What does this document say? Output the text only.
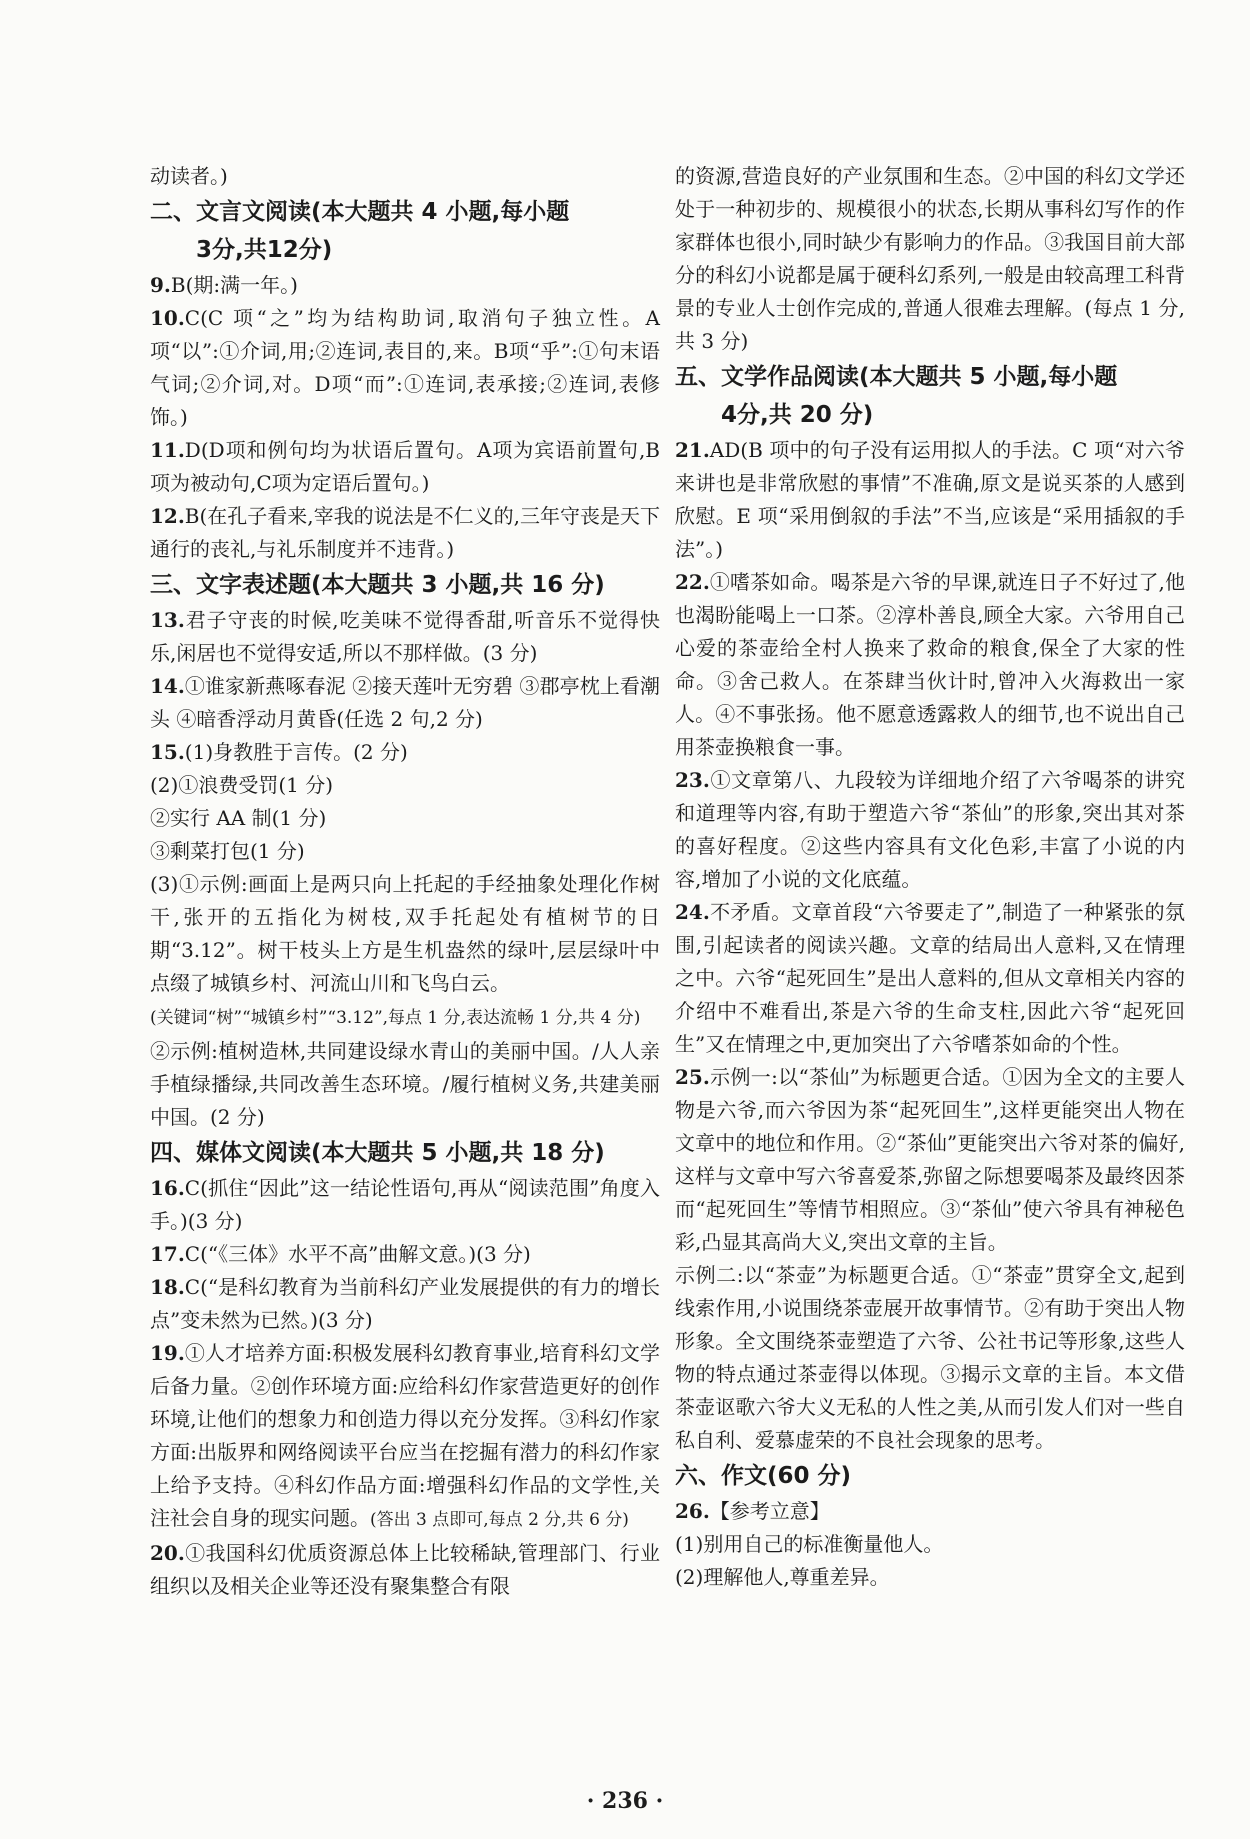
动读者。)

二、文言文阅读(本大题共 4 小题,每小题
3分,共12分)

9.B(期:满一年。)

10.C(C 项“之”均为结构助词,取消句子独立性。A项“以”:①介词,用;②连词,表目的,来。B项“乎”:①句末语气词;②介词,对。D项“而”:①连词,表承接;②连词,表修饰。)

11.D(D项和例句均为状语后置句。A项为宾语前置句,B项为被动句,C项为定语后置句。)

12.B(在孔子看来,宰我的说法是不仁义的,三年守丧是天下通行的丧礼,与礼乐制度并不违背。)

三、文字表述题(本大题共 3 小题,共 16 分)

13.君子守丧的时候,吃美味不觉得香甜,听音乐不觉得快乐,闲居也不觉得安适,所以不那样做。(3 分)

14.①谁家新燕啄春泥 ②接天莲叶无穷碧 ③郡亭枕上看潮头 ④暗香浮动月黄昏(任选 2 句,2 分)

15.(1)身教胜于言传。(2 分)

(2)①浪费受罚(1 分)

②实行 AA 制(1 分)

③剩菜打包(1 分)

(3)①示例:画面上是两只向上托起的手经抽象处理化作树干,张开的五指化为树枝,双手托起处有植树节的日期“3.12”。树干枝头上方是生机盎然的绿叶,层层绿叶中点缀了城镇乡村、河流山川和飞鸟白云。

(关键词“树”“城镇乡村”“3.12”,每点 1 分,表达流畅 1 分,共 4 分)

②示例:植树造林,共同建设绿水青山的美丽中国。/人人亲手植绿播绿,共同改善生态环境。/履行植树义务,共建美丽中国。(2 分)

四、媒体文阅读(本大题共 5 小题,共 18 分)

16.C(抓住“因此”这一结论性语句,再从“阅读范围”角度入手。)(3 分)

17.C(“《三体》水平不高”曲解文意。)(3 分)

18.C(“是科幻教育为当前科幻产业发展提供的有力的增长点”变未然为已然。)(3 分)

19.①人才培养方面:积极发展科幻教育事业,培育科幻文学后备力量。②创作环境方面:应给科幻作家营造更好的创作环境,让他们的想象力和创造力得以充分发挥。③科幻作家方面:出版界和网络阅读平台应当在挖掘有潜力的科幻作家上给予支持。④科幻作品方面:增强科幻作品的文学性,关注社会自身的现实问题。(答出 3 点即可,每点 2 分,共 6 分)

20.①我国科幻优质资源总体上比较稀缺,管理部门、行业组织以及相关企业等还没有聚集整合有限

的资源,营造良好的产业氛围和生态。②中国的科幻文学还处于一种初步的、规模很小的状态,长期从事科幻写作的作家群体也很小,同时缺少有影响力的作品。③我国目前大部分的科幻小说都是属于硬科幻系列,一般是由较高理工科背景的专业人士创作完成的,普通人很难去理解。(每点 1 分,共 3 分)

五、文学作品阅读(本大题共 5 小题,每小题
4分,共 20 分)

21.AD(B 项中的句子没有运用拟人的手法。C 项“对六爷来讲也是非常欣慰的事情”不准确,原文是说买茶的人感到欣慰。E 项“采用倒叙的手法”不当,应该是“采用插叙的手法”。)

22.①嗜茶如命。喝茶是六爷的早课,就连日子不好过了,他也渴盼能喝上一口茶。②淳朴善良,顾全大家。六爷用自己心爱的茶壶给全村人换来了救命的粮食,保全了大家的性命。③舍己救人。在茶肆当伙计时,曾冲入火海救出一家人。④不事张扬。他不愿意透露救人的细节,也不说出自己用茶壶换粮食一事。

23.①文章第八、九段较为详细地介绍了六爷喝茶的讲究和道理等内容,有助于塑造六爷“茶仙”的形象,突出其对茶的喜好程度。②这些内容具有文化色彩,丰富了小说的内容,增加了小说的文化底蕴。

24.不矛盾。文章首段“六爷要走了”,制造了一种紧张的氛围,引起读者的阅读兴趣。文章的结局出人意料,又在情理之中。六爷“起死回生”是出人意料的,但从文章相关内容的介绍中不难看出,茶是六爷的生命支柱,因此六爷“起死回生”又在情理之中,更加突出了六爷嗜茶如命的个性。

25.示例一:以“茶仙”为标题更合适。①因为全文的主要人物是六爷,而六爷因为茶“起死回生”,这样更能突出人物在文章中的地位和作用。②“茶仙”更能突出六爷对茶的偏好,这样与文章中写六爷喜爱茶,弥留之际想要喝茶及最终因茶而“起死回生”等情节相照应。③“茶仙”使六爷具有神秘色彩,凸显其高尚大义,突出文章的主旨。

示例二:以“茶壶”为标题更合适。①“茶壶”贯穿全文,起到线索作用,小说围绕茶壶展开故事情节。②有助于突出人物形象。全文围绕茶壶塑造了六爷、公社书记等形象,这些人物的特点通过茶壶得以体现。③揭示文章的主旨。本文借茶壶讴歌六爷大义无私的人性之美,从而引发人们对一些自私自利、爱慕虚荣的不良社会现象的思考。

六、作文(60 分)

26.【参考立意】

(1)别用自己的标准衡量他人。

(2)理解他人,尊重差异。

· 236 ·
